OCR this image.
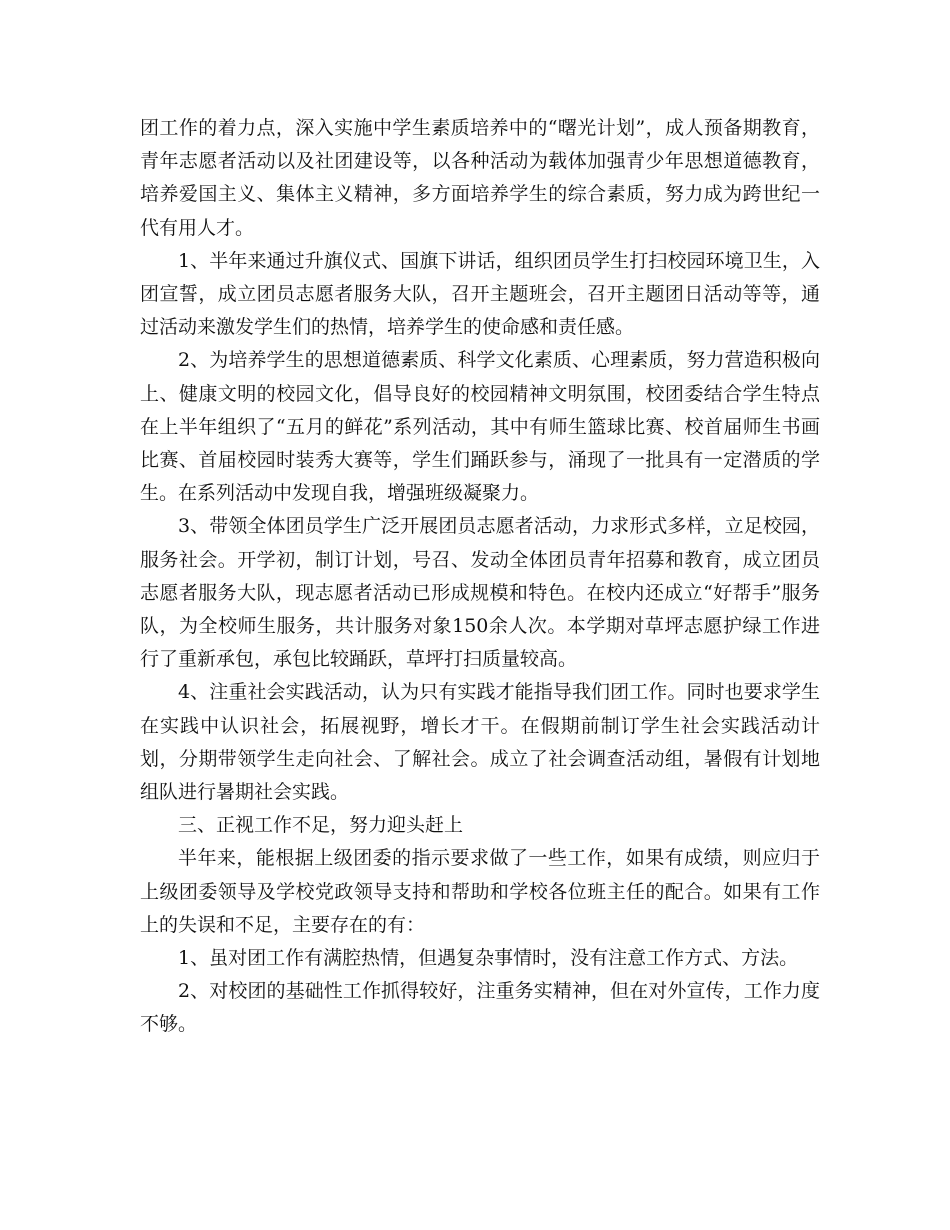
团工作的着力点，深入实施中学生素质培养中的“曙光计划”，成人预备期教育，青年志愿者活动以及社团建设等，以各种活动为载体加强青少年思想道德教育，培养爱国主义、集体主义精神，多方面培养学生的综合素质，努力成为跨世纪一代有用人才。

1、半年来通过升旗仪式、国旗下讲话，组织团员学生打扫校园环境卫生，入团宣誓，成立团员志愿者服务大队，召开主题班会，召开主题团日活动等等，通过活动来激发学生们的热情，培养学生的使命感和责任感。

2、为培养学生的思想道德素质、科学文化素质、心理素质，努力营造积极向上、健康文明的校园文化，倡导良好的校园精神文明氛围，校团委结合学生特点在上半年组织了“五月的鲜花”系列活动，其中有师生篮球比赛、校首届师生书画比赛、首届校园时装秀大赛等，学生们踊跃参与，涌现了一批具有一定潜质的学生。在系列活动中发现自我，增强班级凝聚力。

3、带领全体团员学生广泛开展团员志愿者活动，力求形式多样，立足校园，服务社会。开学初，制订计划，号召、发动全体团员青年招募和教育，成立团员志愿者服务大队，现志愿者活动已形成规模和特色。在校内还成立“好帮手”服务队，为全校师生服务，共计服务对象150余人次。本学期对草坪志愿护绿工作进行了重新承包，承包比较踊跃，草坪打扫质量较高。

4、注重社会实践活动，认为只有实践才能指导我们团工作。同时也要求学生在实践中认识社会，拓展视野，增长才干。在假期前制订学生社会实践活动计划，分期带领学生走向社会、了解社会。成立了社会调查活动组，暑假有计划地组队进行暑期社会实践。

三、正视工作不足，努力迎头赶上

半年来，能根据上级团委的指示要求做了一些工作，如果有成绩，则应归于上级团委领导及学校党政领导支持和帮助和学校各位班主任的配合。如果有工作上的失误和不足，主要存在的有：

1、虽对团工作有满腔热情，但遇复杂事情时，没有注意工作方式、方法。

2、对校团的基础性工作抓得较好，注重务实精神，但在对外宣传，工作力度不够。
